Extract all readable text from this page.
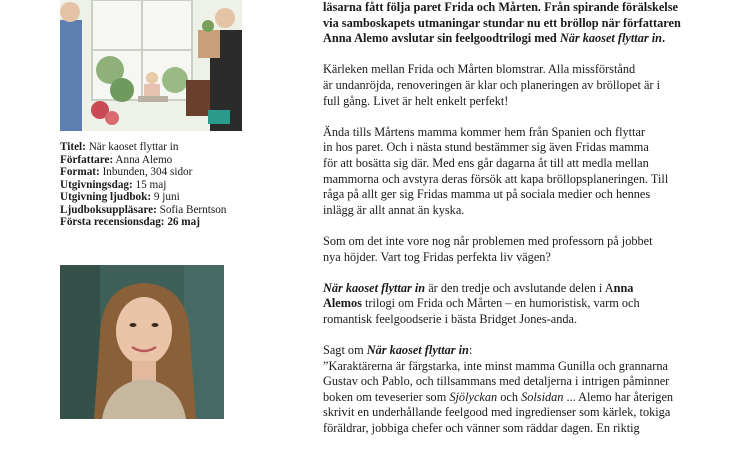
Titel: När kaoset flyttar in
Författare: Anna Alemo
Format: Inbunden, 304 sidor
Utgivningsdag: 15 maj
Utgivning ljudbok: 9 juni
Ljudboksuppläsare: Sofia Berntson
Första recensionsdag: 26 maj

läsarna fått följa paret Frida och Mårten. Från spirande förälskelse
via samboskapets utmaningar stundar nu ett bröllop när författaren
Anna Alemo avslutar sin feelgoodtrilogi med När kaoset flyttar in.

Kärleken mellan Frida och Mårten blomstrar. Alla missförstånd
är undanröjda, renoveringen är klar och planeringen av bröllopet är i
full gång. Livet är helt enkelt perfekt!

Ända tills Mårtens mamma kommer hem från Spanien och flyttar
in hos paret. Och i nästa stund bestämmer sig även Fridas mamma
för att bosätta sig där. Med ens går dagarna åt till att medla mellan
mammorna och avstyra deras försök att kapa bröllopsplaneringen. Till
råga på allt ger sig Fridas mamma ut på sociala medier och hennes
inlägg är allt annat än kyska.

Som om det inte vore nog når problemen med professorn på jobbet
nya höjder. Vart tog Fridas perfekta liv vägen?

När kaoset flyttar in är den tredje och avslutande delen i Anna
Alemos trilogi om Frida och Mårten – en humoristisk, varm och
romantisk feelgoodserie i bästa Bridget Jones-anda.

Sagt om När kaoset flyttar in:

”Karaktärerna är färgstarka, inte minst mamma Gunilla och grannarna
Gustav och Pablo, och tillsammans med detaljerna i intrigen påminner
boken om teveserier som Sjölyckan och Solsidan ... Alemo har återigen
skrivit en underhållande feelgood med ingredienser som kärlek, tokiga
föräldrar, jobbiga chefer och vänner som räddar dagen. En riktig
